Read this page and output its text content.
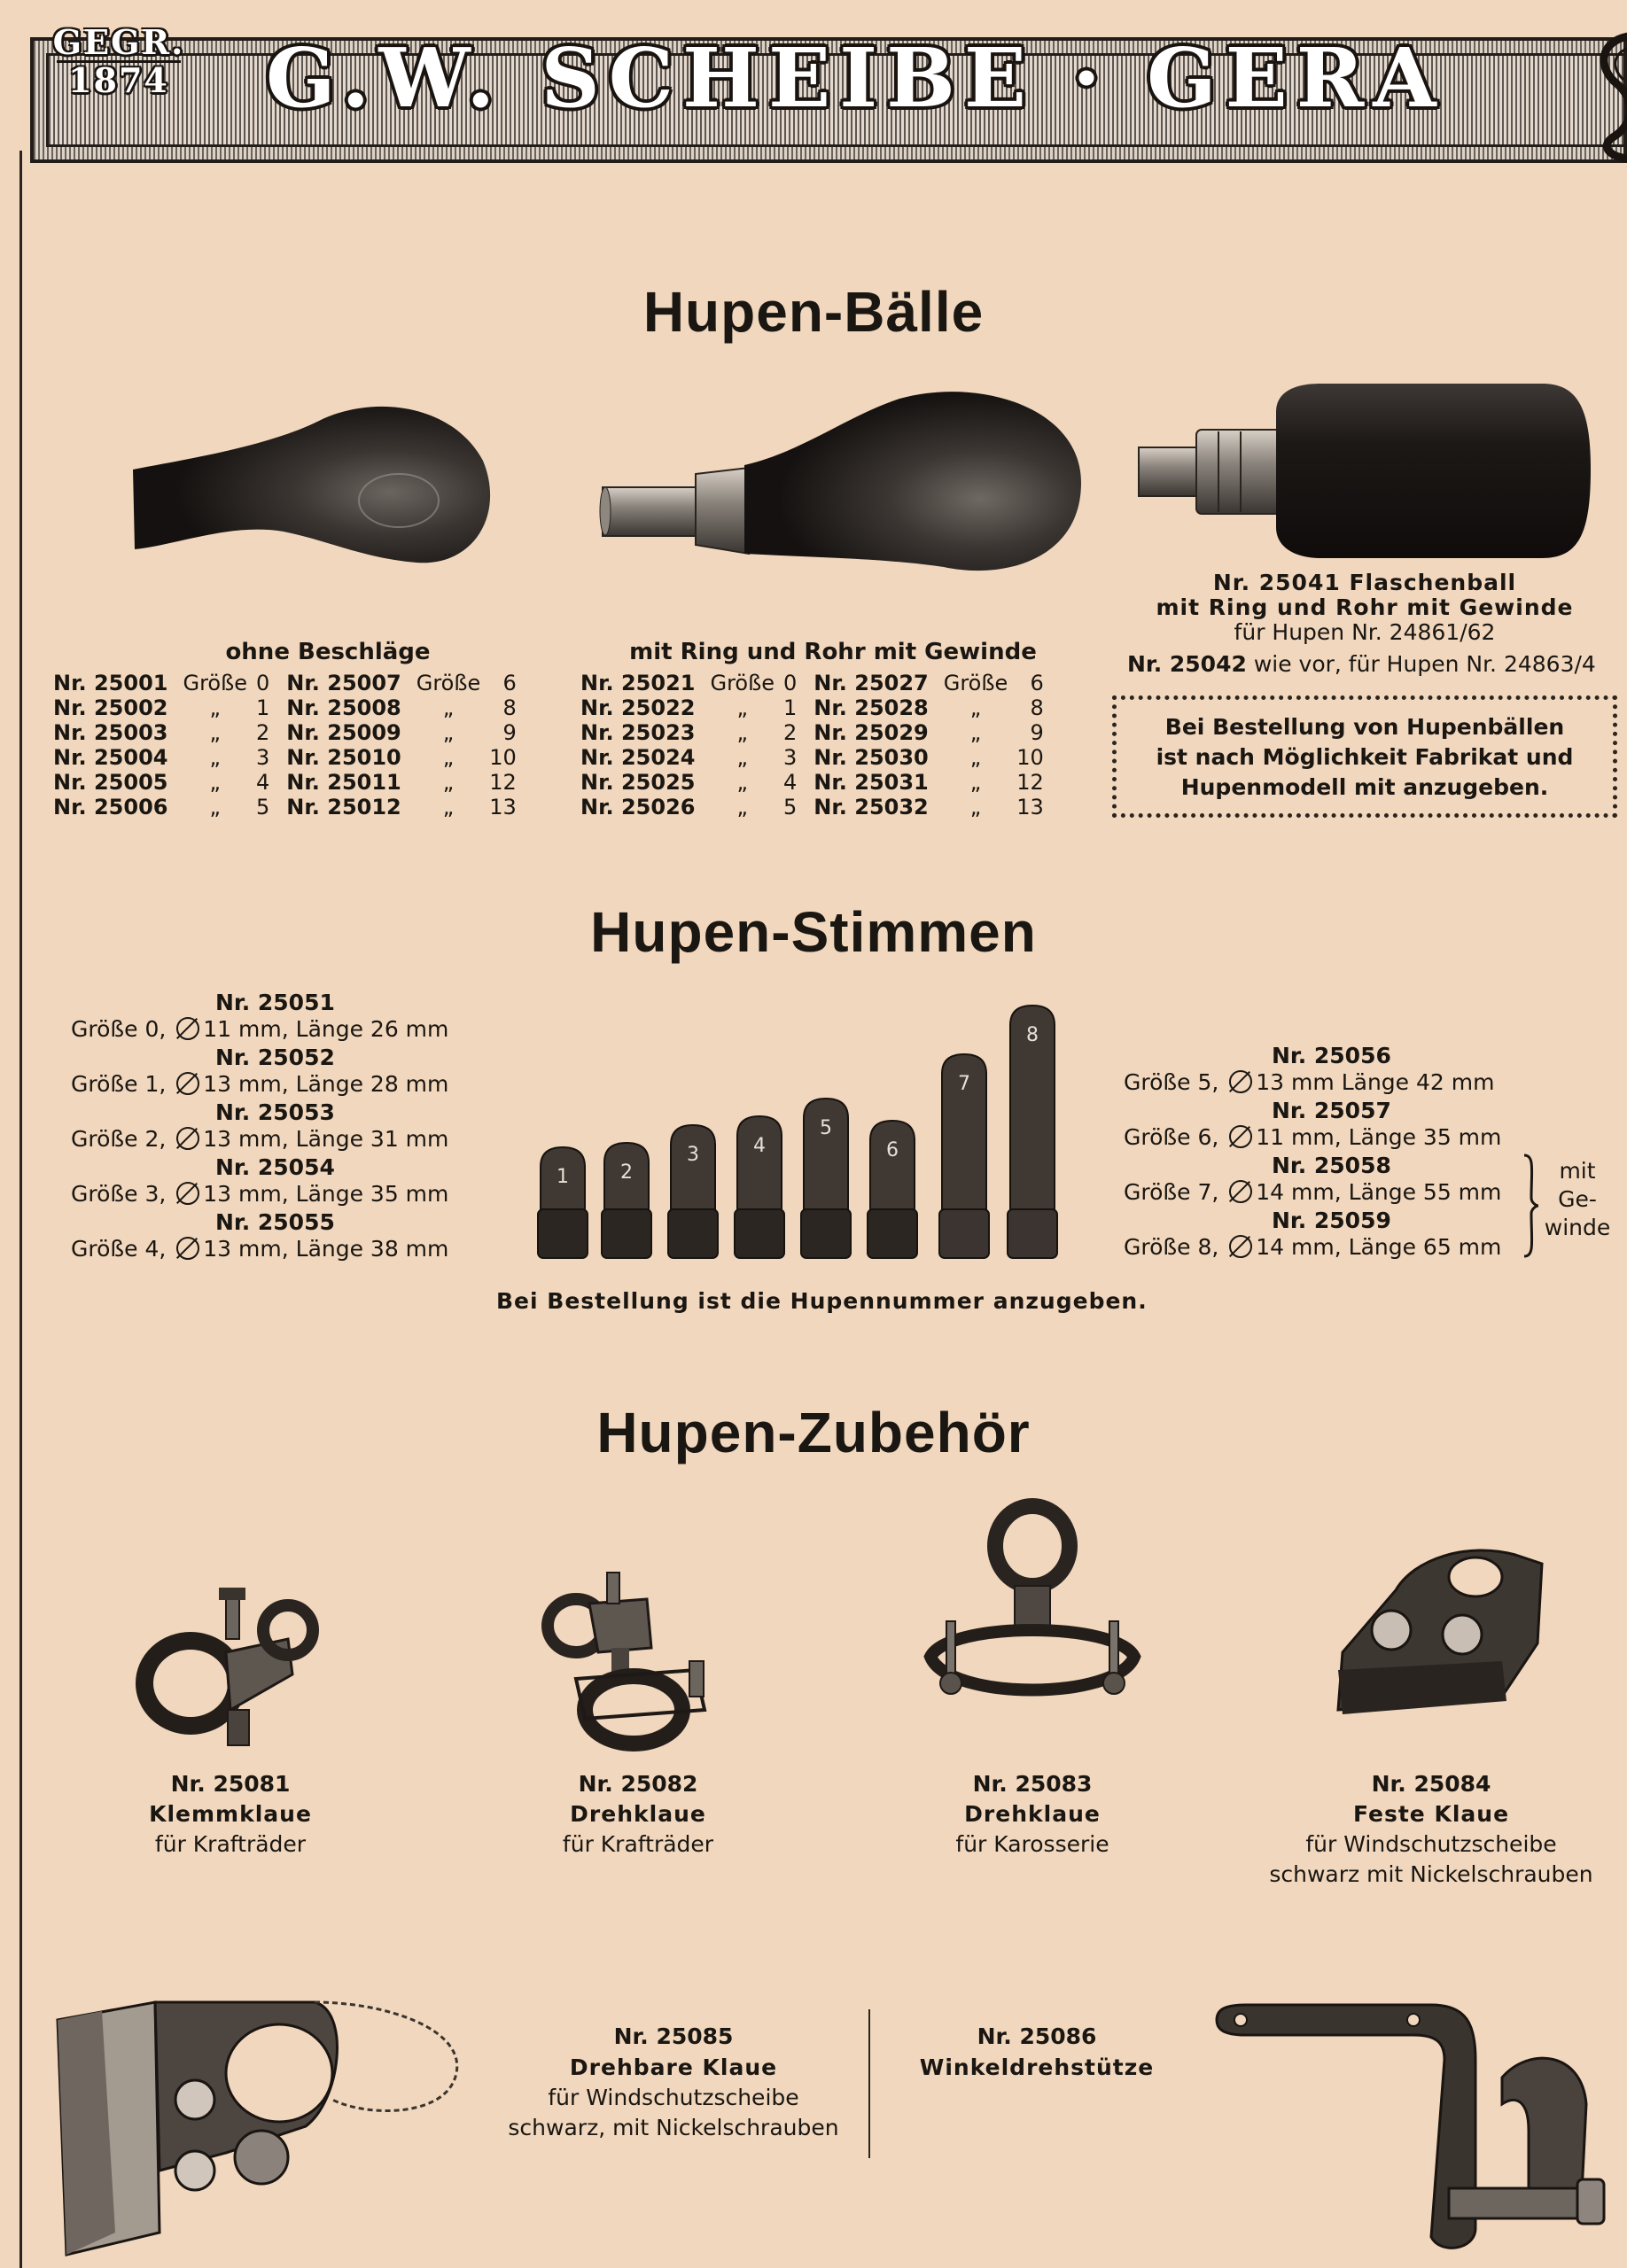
GEGR.
1874 G.W. SCHEIBE · GERA
Hupen-Bälle
ohne Beschläge
Nr. 25001	Größe	0	Nr. 25007	Größe	6
Nr. 25002	„	1	Nr. 25008	„	8
Nr. 25003	„	2	Nr. 25009	„	9
Nr. 25004	„	3	Nr. 25010	„	10
Nr. 25005	„	4	Nr. 25011	„	12
Nr. 25006	„	5	Nr. 25012	„	13
mit Ring und Rohr mit Gewinde
Nr. 25021	Größe	0	Nr. 25027	Größe	6
Nr. 25022	„	1	Nr. 25028	„	8
Nr. 25023	„	2	Nr. 25029	„	9
Nr. 25024	„	3	Nr. 25030	„	10
Nr. 25025	„	4	Nr. 25031	„	12
Nr. 25026	„	5	Nr. 25032	„	13
Nr. 25041 Flaschenball
mit Ring und Rohr mit Gewinde
für Hupen Nr. 24861/62
Nr. 25042 wie vor, für Hupen Nr. 24863/4
Bei Bestellung von Hupenbällen
ist nach Möglichkeit Fabrikat und
Hupenmodell mit anzugeben.
Hupen-Stimmen
Nr. 25051
Größe 0, 11 mm, Länge 26 mm
Nr. 25052
Größe 1, 13 mm, Länge 28 mm
Nr. 25053
Größe 2, 13 mm, Länge 31 mm
Nr. 25054
Größe 3, 13 mm, Länge 35 mm
Nr. 25055
Größe 4, 13 mm, Länge 38 mm
Nr. 25056
Größe 5, 13 mm Länge 42 mm
Nr. 25057
Größe 6, 11 mm, Länge 35 mm
Nr. 25058
Größe 7, 14 mm, Länge 55 mm
Nr. 25059
Größe 8, 14 mm, Länge 65 mm
mit
Ge-
winde
1	2
3	4
5
6
7
8
Bei Bestellung ist die Hupennummer anzugeben.
Hupen-Zubehör
Nr. 25081
Klemmklaue
für Krafträder
Nr. 25082
Drehklaue
für Krafträder
Nr. 25083
Drehklaue
für Karosserie
Nr. 25084
Feste Klaue
für Windschutzscheibe
schwarz mit Nickelschrauben
Nr. 25085
Drehbare Klaue
für Windschutzscheibe
schwarz, mit Nickelschrauben
Nr. 25086
Winkeldrehstütze
